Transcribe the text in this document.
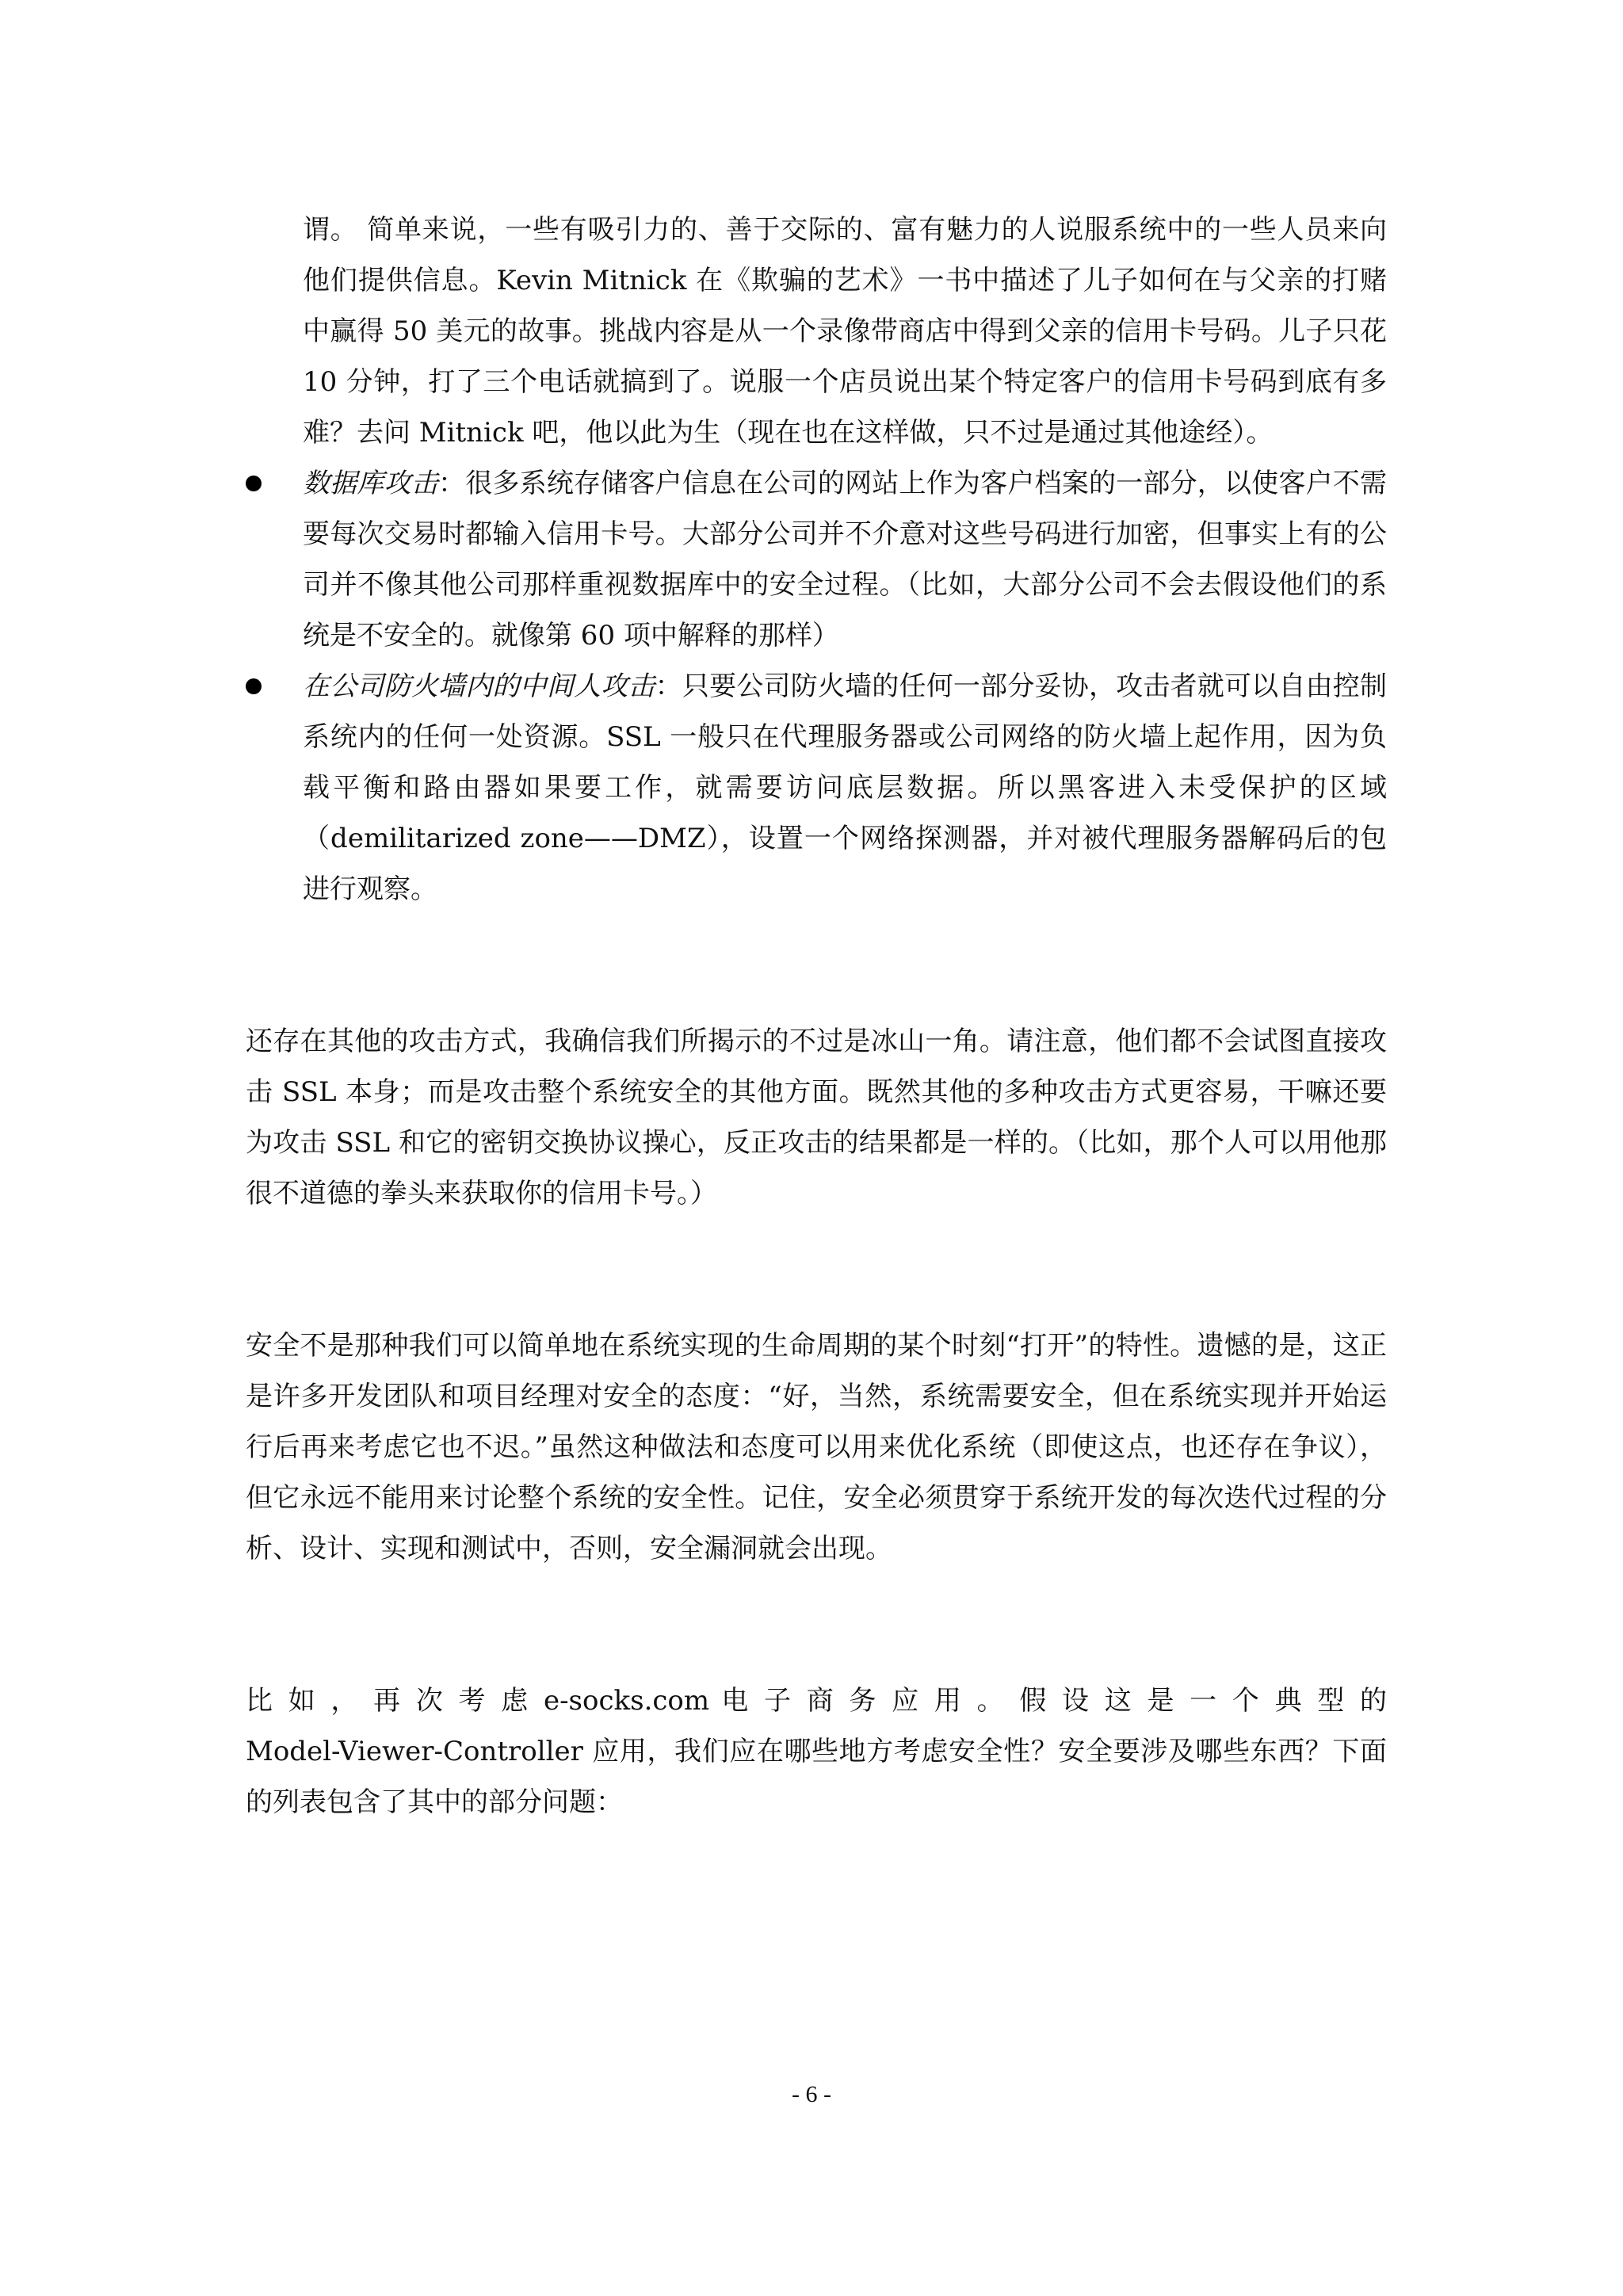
谓。 简单来说，一些有吸引力的、善于交际的、富有魅力的人说服系统中的一些人员来向他们提供信息。Kevin Mitnick 在《欺骗的艺术》一书中描述了儿子如何在与父亲的打赌中赢得 50 美元的故事。挑战内容是从一个录像带商店中得到父亲的信用卡号码。儿子只花 10 分钟，打了三个电话就搞到了。说服一个店员说出某个特定客户的信用卡号码到底有多难？去问 Mitnick 吧，他以此为生（现在也在这样做，只不过是通过其他途经）。

数据库攻击：很多系统存储客户信息在公司的网站上作为客户档案的一部分，以使客户不需要每次交易时都输入信用卡号。大部分公司并不介意对这些号码进行加密，但事实上有的公司并不像其他公司那样重视数据库中的安全过程。（比如，大部分公司不会去假设他们的系统是不安全的。就像第 60 项中解释的那样）
在公司防火墙内的中间人攻击：只要公司防火墙的任何一部分妥协，攻击者就可以自由控制系统内的任何一处资源。SSL 一般只在代理服务器或公司网络的防火墙上起作用，因为负载平衡和路由器如果要工作，就需要访问底层数据。所以黑客进入未受保护的区域（demilitarized zone——DMZ），设置一个网络探测器，并对被代理服务器解码后的包进行观察。

还存在其他的攻击方式，我确信我们所揭示的不过是冰山一角。请注意，他们都不会试图直接攻击 SSL 本身；而是攻击整个系统安全的其他方面。既然其他的多种攻击方式更容易，干嘛还要为攻击 SSL 和它的密钥交换协议操心，反正攻击的结果都是一样的。（比如，那个人可以用他那很不道德的拳头来获取你的信用卡号。）

安全不是那种我们可以简单地在系统实现的生命周期的某个时刻“打开”的特性。遗憾的是，这正是许多开发团队和项目经理对安全的态度：“好，当然，系统需要安全，但在系统实现并开始运行后再来考虑它也不迟。”虽然这种做法和态度可以用来优化系统（即使这点，也还存在争议），但它永远不能用来讨论整个系统的安全性。记住，安全必须贯穿于系统开发的每次迭代过程的分析、设计、实现和测试中，否则，安全漏洞就会出现。

比 如 ， 再 次 考 虑 e-socks.com 电 子 商 务 应 用 。 假 设 这 是 一 个 典 型 的

Model-Viewer-Controller 应用，我们应在哪些地方考虑安全性？安全要涉及哪些东西？下面的列表包含了其中的部分问题：

- 6 -
